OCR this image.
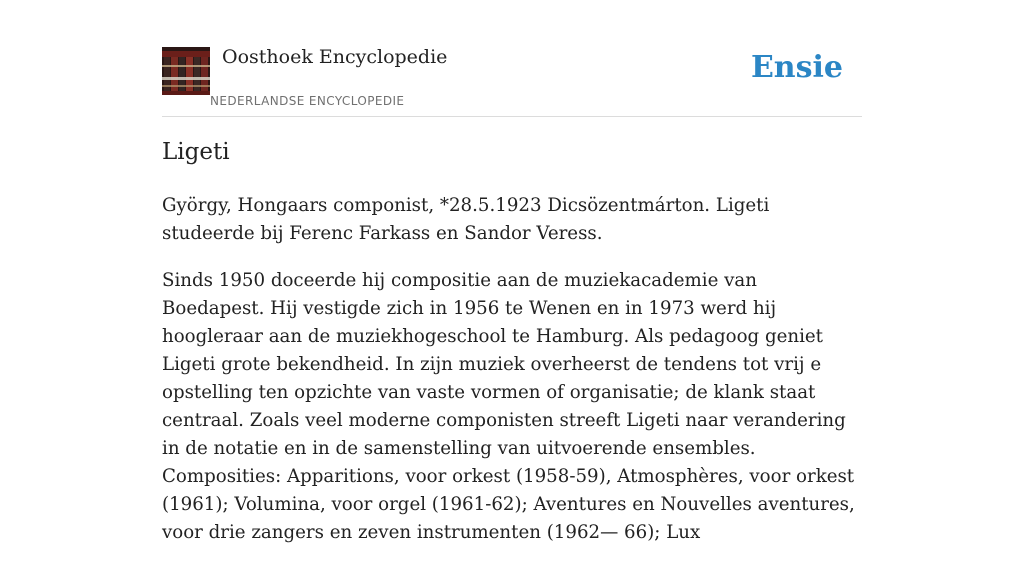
Oosthoek Encyclopedie
NEDERLANDSE ENCYCLOPEDIE
Ensie
Ligeti

György, Hongaars componist, *28.5.1923 Dicsözentmárton. Ligeti studeerde bij Ferenc Farkass en Sandor Veress.

Sinds 1950 doceerde hij compositie aan de muziekacademie van Boedapest. Hij vestigde zich in 1956 te Wenen en in 1973 werd hij hoogleraar aan de muziekhogeschool te Hamburg. Als pedagoog geniet Ligeti grote bekendheid. In zijn muziek overheerst de tendens tot vrij e opstelling ten opzichte van vaste vormen of organisatie; de klank staat centraal. Zoals veel moderne componisten streeft Ligeti naar verandering in de notatie en in de samenstelling van uitvoerende ensembles. Composities: Apparitions, voor orkest (1958-59), Atmosphères, voor orkest (1961); Volumina, voor orgel (1961-62); Aventures en Nouvelles aventures, voor drie zangers en zeven instrumenten (1962— 66); Lux
